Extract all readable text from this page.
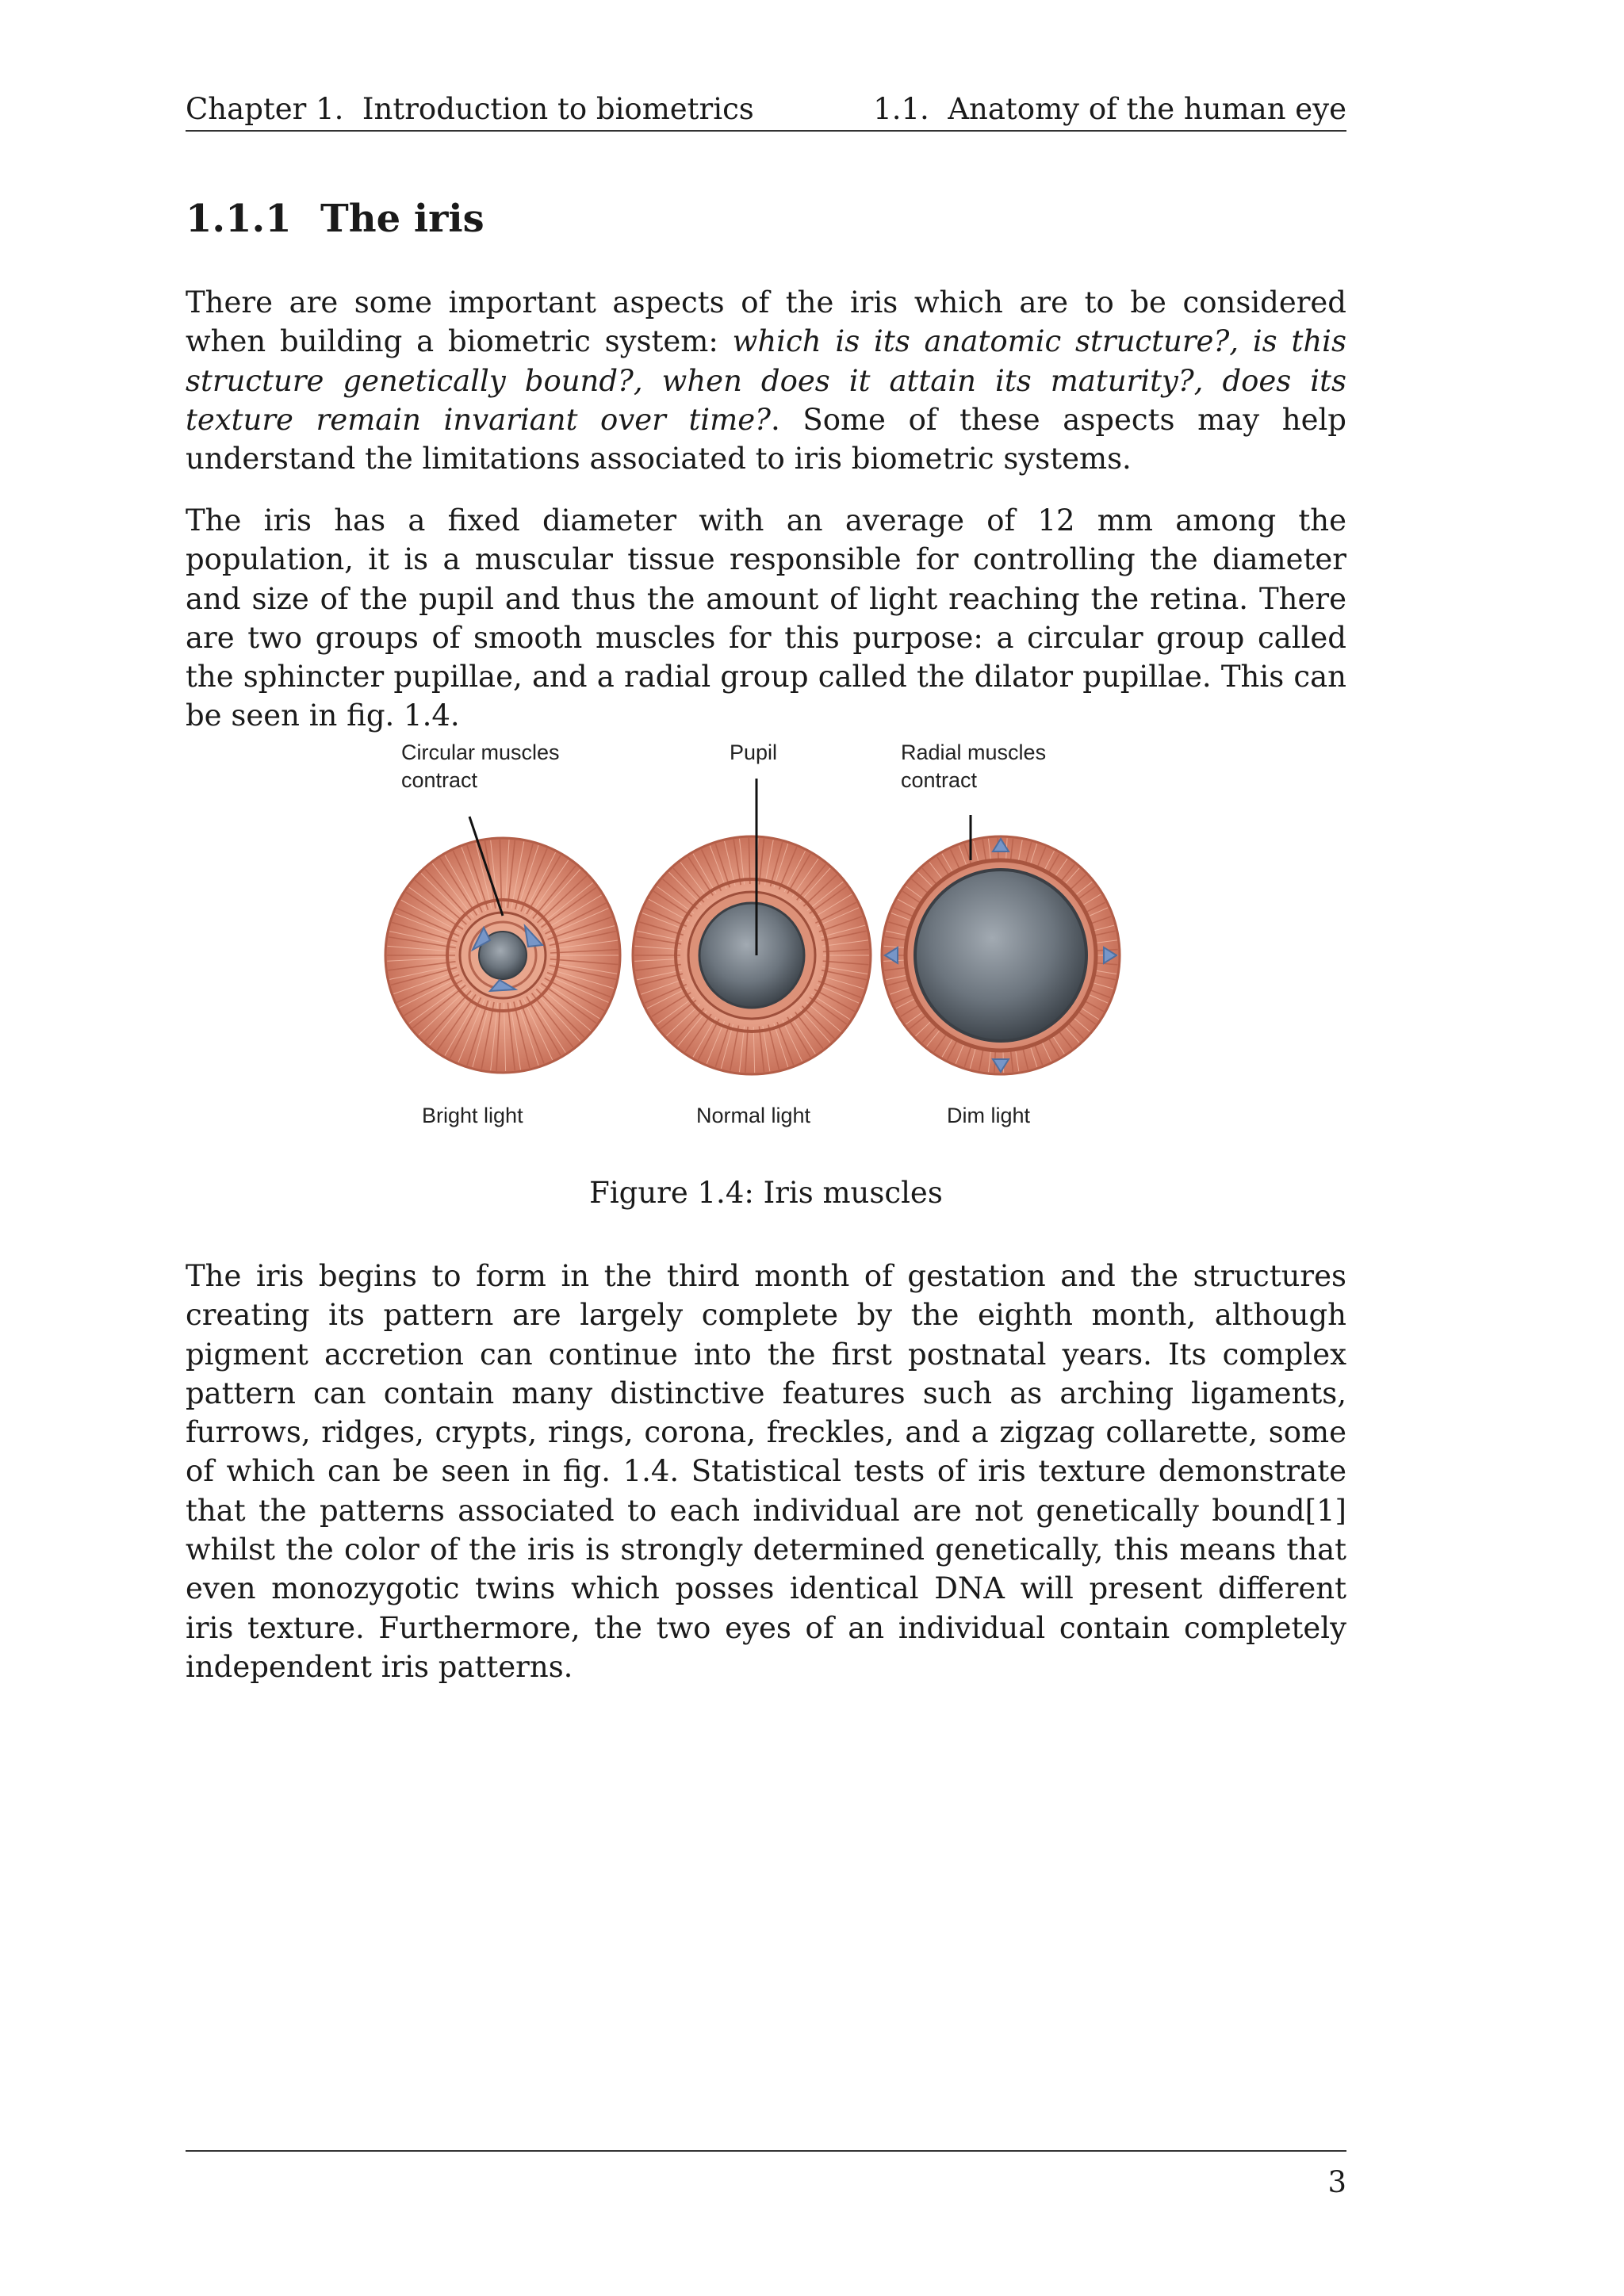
Chapter 1.  Introduction to biometrics	1.1.  Anatomy of the human eye
1.1.1 The iris

There are some important aspects of the iris which are to be considered when building a biometric system: which is its anatomic structure?, is this structure genetically bound?, when does it attain its maturity?, does its texture remain invariant over time?. Some of these aspects may help understand the limitations associated to iris biometric systems.

The iris has a fixed diameter with an average of 12 mm among the population, it is a muscular tissue responsible for controlling the diameter and size of the pupil and thus the amount of light reaching the retina. There are two groups of smooth muscles for this purpose: a circular group called the sphincter pupillae, and a radial group called the dilator pupillae. This can be seen in fig. 1.4.

Circular muscles
contract
Pupil	Radial muscles
contract
Bright light	Normal light	Dim light
Figure 1.4: Iris muscles

The iris begins to form in the third month of gestation and the structures creating its pattern are largely complete by the eighth month, although pigment accretion can continue into the first postnatal years. Its complex pattern can contain many distinctive features such as arching ligaments, furrows, ridges, crypts, rings, corona, freckles, and a zigzag collarette, some of which can be seen in fig. 1.4. Statistical tests of iris texture demonstrate that the patterns associated to each individual are not genetically bound[1] whilst the color of the iris is strongly determined genetically, this means that even monozygotic twins which posses identical DNA will present different iris texture. Furthermore, the two eyes of an individual contain completely independent iris patterns.

3
